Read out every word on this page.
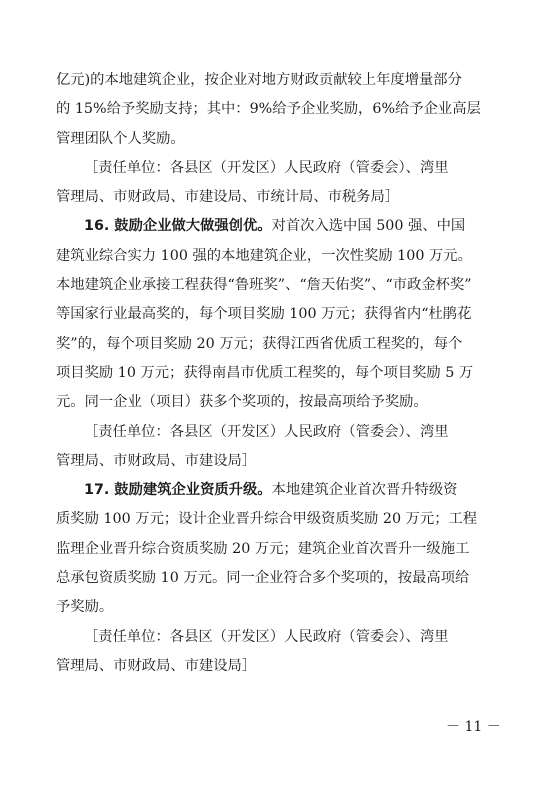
亿元)的本地建筑企业，按企业对地方财政贡献较上年度增量部分
的 15%给予奖励支持；其中：9%给予企业奖励，6%给予企业高层
管理团队个人奖励。
［责任单位：各县区（开发区）人民政府（管委会）、湾里
管理局、市财政局、市建设局、市统计局、市税务局］
16. 鼓励企业做大做强创优。对首次入选中国 500 强、中国
建筑业综合实力 100 强的本地建筑企业，一次性奖励 100 万元。
本地建筑企业承接工程获得“鲁班奖”、“詹天佑奖”、“市政金杯奖”
等国家行业最高奖的，每个项目奖励 100 万元；获得省内“杜鹃花
奖”的，每个项目奖励 20 万元；获得江西省优质工程奖的，每个
项目奖励 10 万元；获得南昌市优质工程奖的，每个项目奖励 5 万
元。同一企业（项目）获多个奖项的，按最高项给予奖励。
［责任单位：各县区（开发区）人民政府（管委会）、湾里
管理局、市财政局、市建设局］
17. 鼓励建筑企业资质升级。本地建筑企业首次晋升特级资
质奖励 100 万元；设计企业晋升综合甲级资质奖励 20 万元；工程
监理企业晋升综合资质奖励 20 万元；建筑企业首次晋升一级施工
总承包资质奖励 10 万元。同一企业符合多个奖项的，按最高项给
予奖励。
［责任单位：各县区（开发区）人民政府（管委会）、湾里
管理局、市财政局、市建设局］
－ 11 －
